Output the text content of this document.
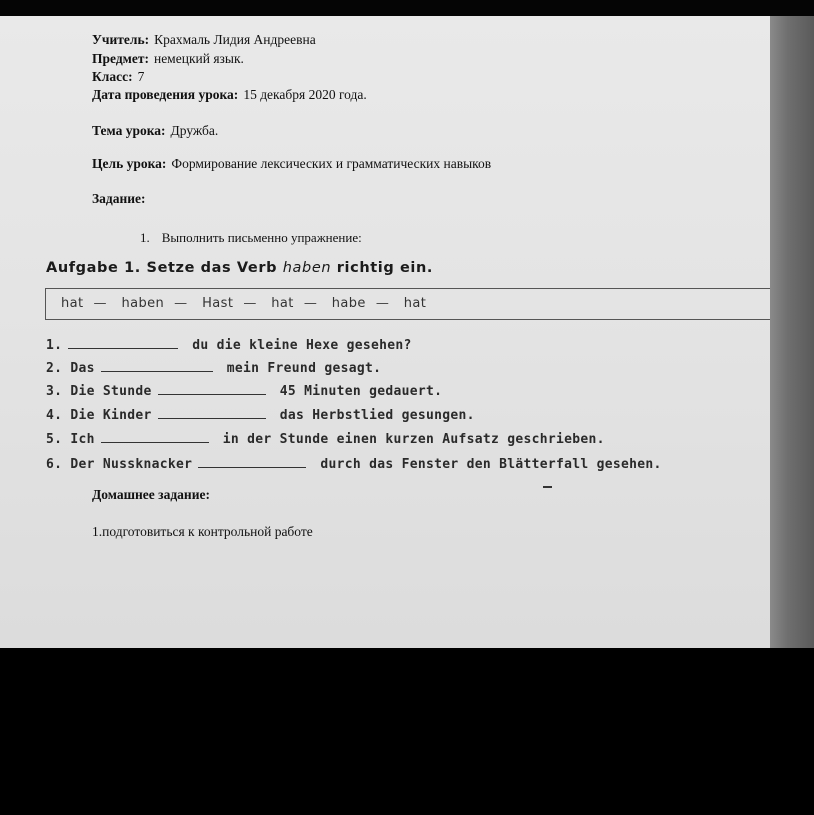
Учитель: Крахмаль Лидия Андреевна
Предмет: немецкий язык.
Класс: 7
Дата проведения урока: 15 декабря 2020 года.
Тема урока: Дружба.
Цель урока: Формирование лексических и грамматических навыков
Задание:
1. Выполнить письменно упражнение:
Aufgabe 1. Setze das Verb haben richtig ein.
hat — haben — Hast — hat — habe — hat
1.	du die kleine Hexe gesehen?
2. Das	mein Freund gesagt.
3. Die Stunde	45 Minuten gedauert.
4. Die Kinder	das Herbstlied gesungen.
5. Ich	in der Stunde einen kurzen Aufsatz geschrieben.
6. Der Nussknacker	durch das Fenster den Blätterfall gesehen.
Домашнее задание:
1.подготовиться к контрольной работе
